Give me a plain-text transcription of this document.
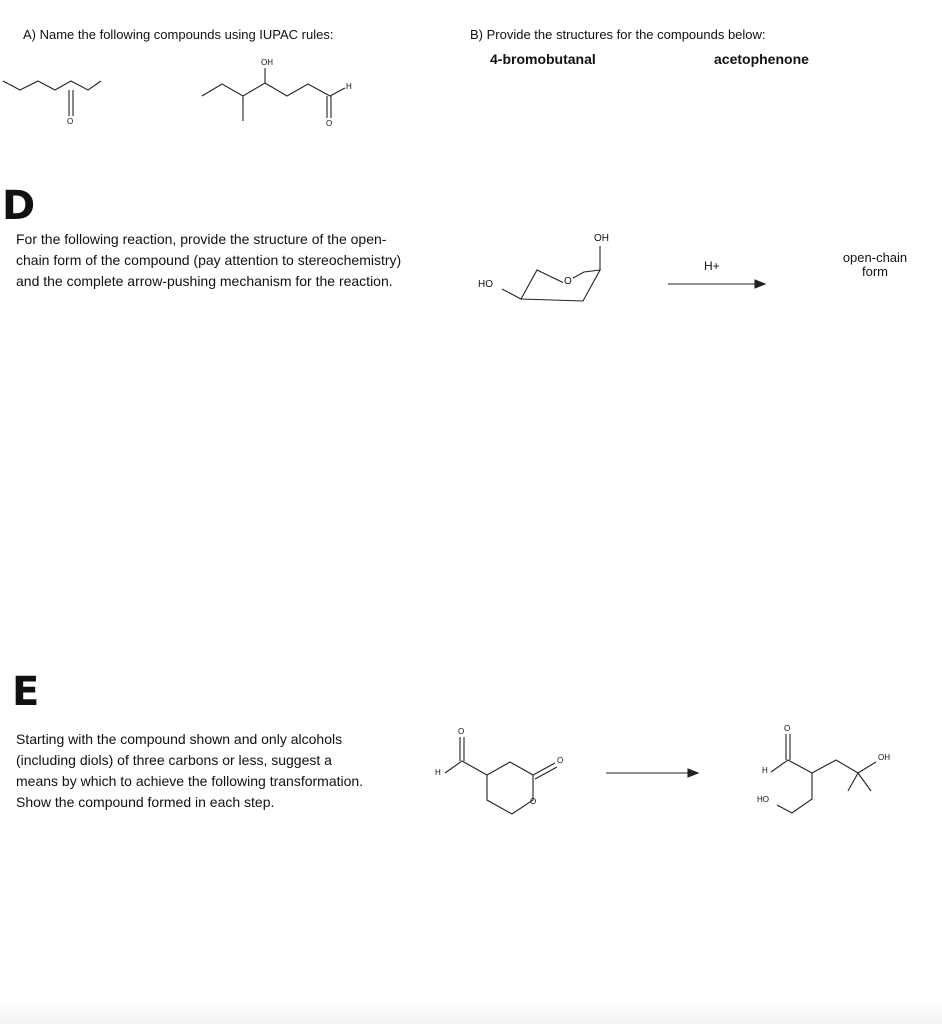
A) Name the following compounds using IUPAC rules:
OH
H
O	O
B) Provide the structures for the compounds below:
4-bromobutanal	acetophenone
D
For the following reaction, provide the structure of the open-
chain form of the compound (pay attention to stereochemistry)
and the complete arrow-pushing mechanism for the reaction.	HO
OH
O
H+
open-chain
form
E
Starting with the compound shown and only alcohols
(including diols) of three carbons or less, suggest a
means by which to achieve the following transformation.
Show the compound formed in each step.
H
O
O
O
O
H
HO
OH
